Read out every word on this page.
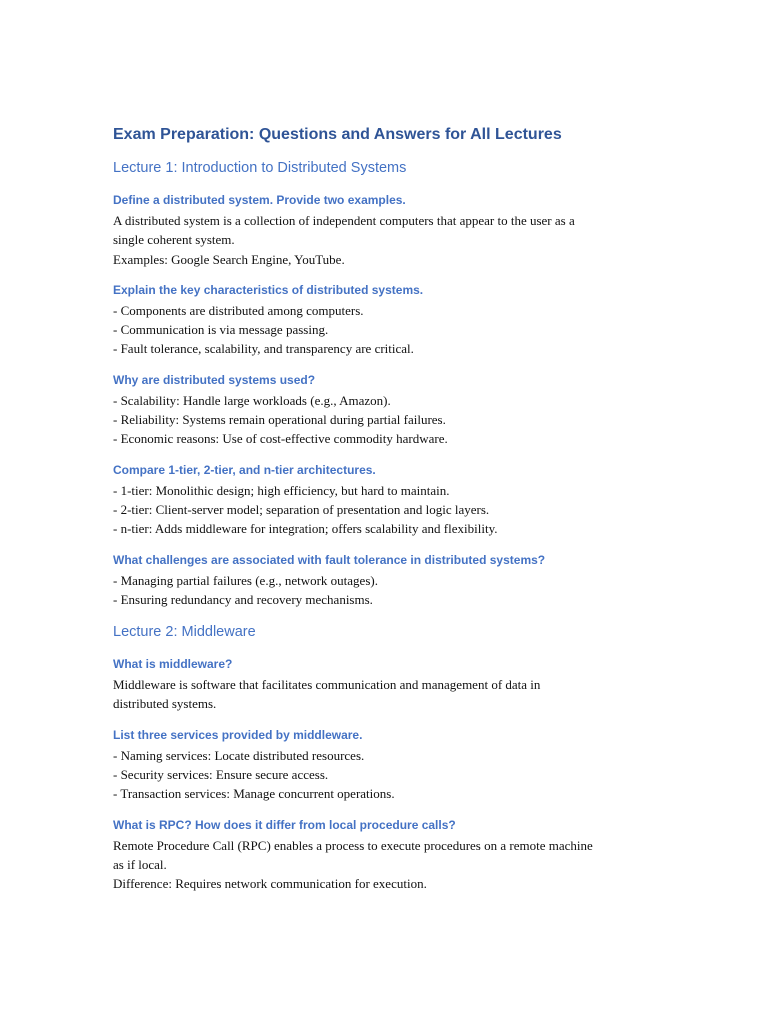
Exam Preparation: Questions and Answers for All Lectures
Lecture 1: Introduction to Distributed Systems
Define a distributed system. Provide two examples.
A distributed system is a collection of independent computers that appear to the user as a
single coherent system.
Examples: Google Search Engine, YouTube.
Explain the key characteristics of distributed systems.
- Components are distributed among computers.
- Communication is via message passing.
- Fault tolerance, scalability, and transparency are critical.
Why are distributed systems used?
- Scalability: Handle large workloads (e.g., Amazon).
- Reliability: Systems remain operational during partial failures.
- Economic reasons: Use of cost-effective commodity hardware.
Compare 1-tier, 2-tier, and n-tier architectures.
- 1-tier: Monolithic design; high efficiency, but hard to maintain.
- 2-tier: Client-server model; separation of presentation and logic layers.
- n-tier: Adds middleware for integration; offers scalability and flexibility.
What challenges are associated with fault tolerance in distributed systems?
- Managing partial failures (e.g., network outages).
- Ensuring redundancy and recovery mechanisms.
Lecture 2: Middleware
What is middleware?
Middleware is software that facilitates communication and management of data in
distributed systems.
List three services provided by middleware.
- Naming services: Locate distributed resources.
- Security services: Ensure secure access.
- Transaction services: Manage concurrent operations.
What is RPC? How does it differ from local procedure calls?
Remote Procedure Call (RPC) enables a process to execute procedures on a remote machine
as if local.
Difference: Requires network communication for execution.
